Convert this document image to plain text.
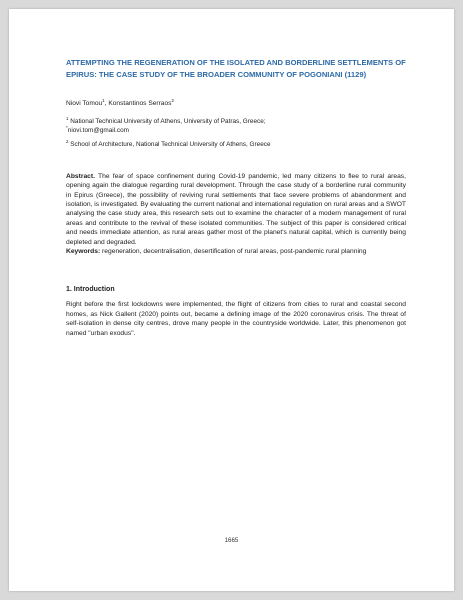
ATTEMPTING THE REGENERATION OF THE ISOLATED AND BORDERLINE SETTLEMENTS OF EPIRUS: THE CASE STUDY OF THE BROADER COMMUNITY OF POGONIANI (1129)
Niovi Tomou$^1$, Konstantinos Serraos$^2$

$^1$ National Technical University of Athens, University of Patras, Greece;

*niovi.tom@gmail.com

$^2$ School of Architecture, National Technical University of Athens, Greece

Abstract. The fear of space confinement during Covid-19 pandemic, led many citizens to flee to rural areas, opening again the dialogue regarding rural development. Through the case study of a borderline rural community in Epirus (Greece), the possibility of reviving rural settlements that face severe problems of abandonment and isolation, is investigated. By evaluating the current national and international regulation on rural areas and a SWOT analysing the case study area, this research sets out to examine the character of a modern management of rural areas and contribute to the revival of these isolated communities. The subject of this paper is considered critical and needs immediate attention, as rural areas gather most of the planet's natural capital, which is currently being depleted and degraded.

Keywords: regeneration, decentralisation, desertification of rural areas, post-pandemic rural planning

1. Introduction

Right before the first lockdowns were implemented, the flight of citizens from cities to rural and coastal second homes, as Nick Gallent (2020) points out, became a defining image of the 2020 coronavirus crisis. The threat of self-isolation in dense city centres, drove many people in the countryside worldwide. Later, this phenomenon got named "urban exodus".

1665
